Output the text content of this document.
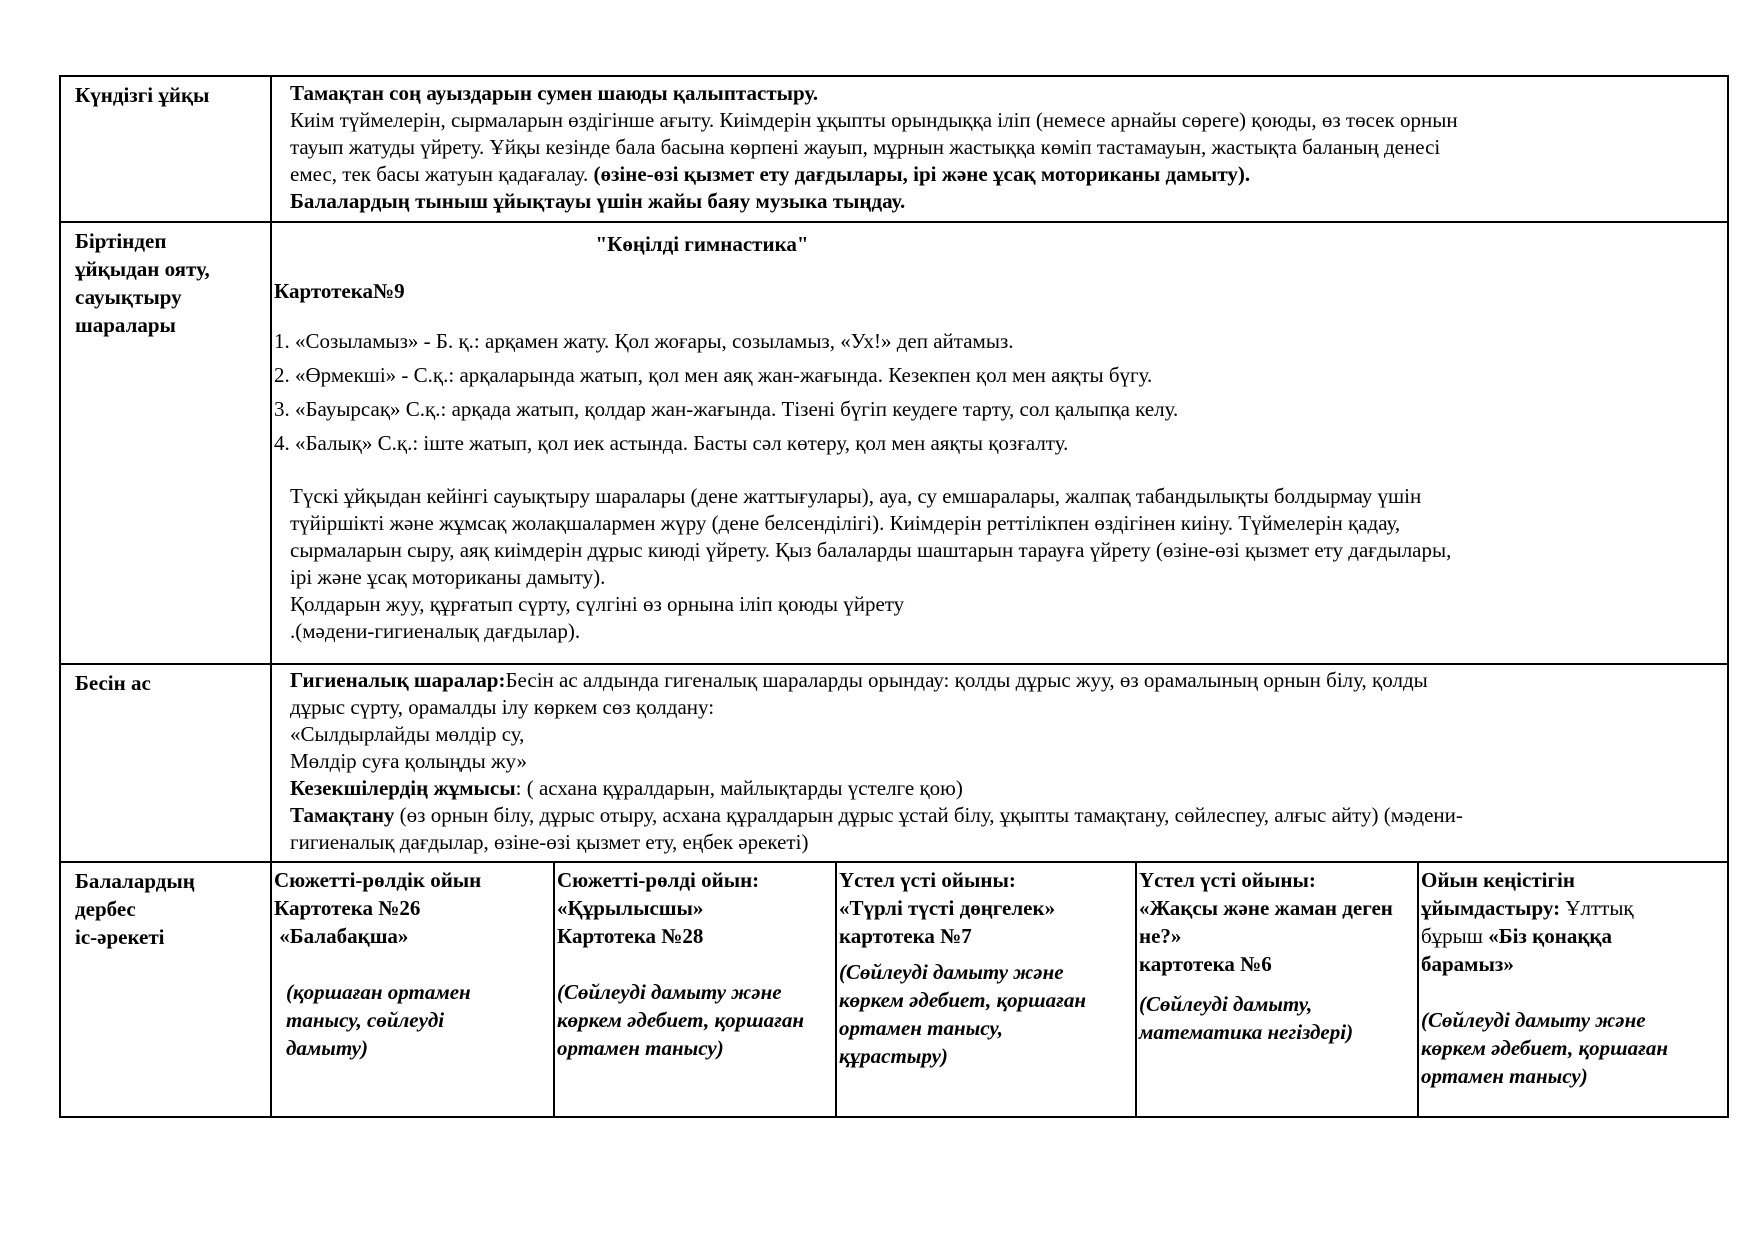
Күндізгі ұйқы	Тамақтан соң ауыздарын сумен шаюды қалыптастыру.
Киім түймелерін, сырмаларын өздігінше ағыту. Киімдерін ұқыпты орындыққа іліп (немесе арнайы сөреге) қоюды, өз төсек орнын
тауып жатуды үйрету. Ұйқы кезінде бала басына көрпені жауып, мұрнын жастыққа көміп тастамауын, жастықта баланың денесі
емес, тек басы жатуын қадағалау. (өзіне-өзі қызмет ету дағдылары, ірі және ұсақ моториканы дамыту).
Балалардың тыныш ұйықтауы үшін жайы баяу музыка тыңдау.
Біртіндеп
ұйқыдан ояту,
сауықтыру
шаралары
"Көңілді гимнастика"
Картотека№9
1. «Созыламыз» - Б. қ.: арқамен жату. Қол жоғары, созыламыз, «Ух!» деп айтамыз.
2. «Өрмекші» - С.қ.: арқаларында жатып, қол мен аяқ жан-жағында. Кезекпен қол мен аяқты бүгу.
3. «Бауырсақ» С.қ.: арқада жатып, қолдар жан-жағында. Тізені бүгіп кеудеге тарту, сол қалыпқа келу.
4. «Балық» С.қ.: іште жатып, қол иек астында. Басты сәл көтеру, қол мен аяқты қозғалту.
Түскі ұйқыдан кейінгі сауықтыру шаралары (дене жаттығулары), ауа, су емшаралары, жалпақ табандылықты болдырмау үшін
түйіршікті және жұмсақ жолақшалармен жүру (дене белсенділігі). Киімдерін реттілікпен өздігінен киіну. Түймелерін қадау,
сырмаларын сыру, аяқ киімдерін дұрыс киюді үйрету. Қыз балаларды шаштарын тарауға үйрету (өзіне-өзі қызмет ету дағдылары,
ірі және ұсақ моториканы дамыту).
Қолдарын жуу, құрғатып сүрту, сүлгіні өз орнына іліп қоюды үйрету
.(мәдени-гигиеналық дағдылар).
Бесін ас	Гигиеналық шаралар:Бесін ас алдында гигеналық шараларды орындау: қолды дұрыс жуу, өз орамалының орнын білу, қолды
дұрыс сүрту, орамалды ілу көркем сөз қолдану:
«Сылдырлайды мөлдір су,
Мөлдір суға қолыңды жу»
Кезекшілердің жұмысы: ( асхана құралдарын, майлықтарды үстелге қою)
Тамақтану (өз орнын білу, дұрыс отыру, асхана құралдарын дұрыс ұстай білу, ұқыпты тамақтану, сөйлеспеу, алғыс айту) (мәдени-
гигиеналық дағдылар, өзіне-өзі қызмет ету, еңбек әрекеті)
Балалардың
дербес
іс-әрекеті
Сюжетті-рөлдік ойын
Картотека №26
«Балабақша»
(қоршаған ортамен
танысу, сөйлеуді
дамыту)
Сюжетті-рөлді ойын:
«Құрылысшы»
Картотека №28
(Сөйлеуді дамыту және
көркем әдебиет, қоршаған
ортамен танысу)
Үстел үсті ойыны:
«Түрлі түсті дөңгелек»
картотека №7
(Сөйлеуді дамыту және
көркем әдебиет, қоршаған
ортамен танысу,
құрастыру)
Үстел үсті ойыны:
«Жақсы және жаман деген
не?»
картотека №6
(Сөйлеуді дамыту,
математика негіздері)
Ойын кеңістігін
ұйымдастыру: Ұлттық
бұрыш «Біз қонаққа
барамыз»
(Сөйлеуді дамыту және
көркем әдебиет, қоршаған
ортамен танысу)
